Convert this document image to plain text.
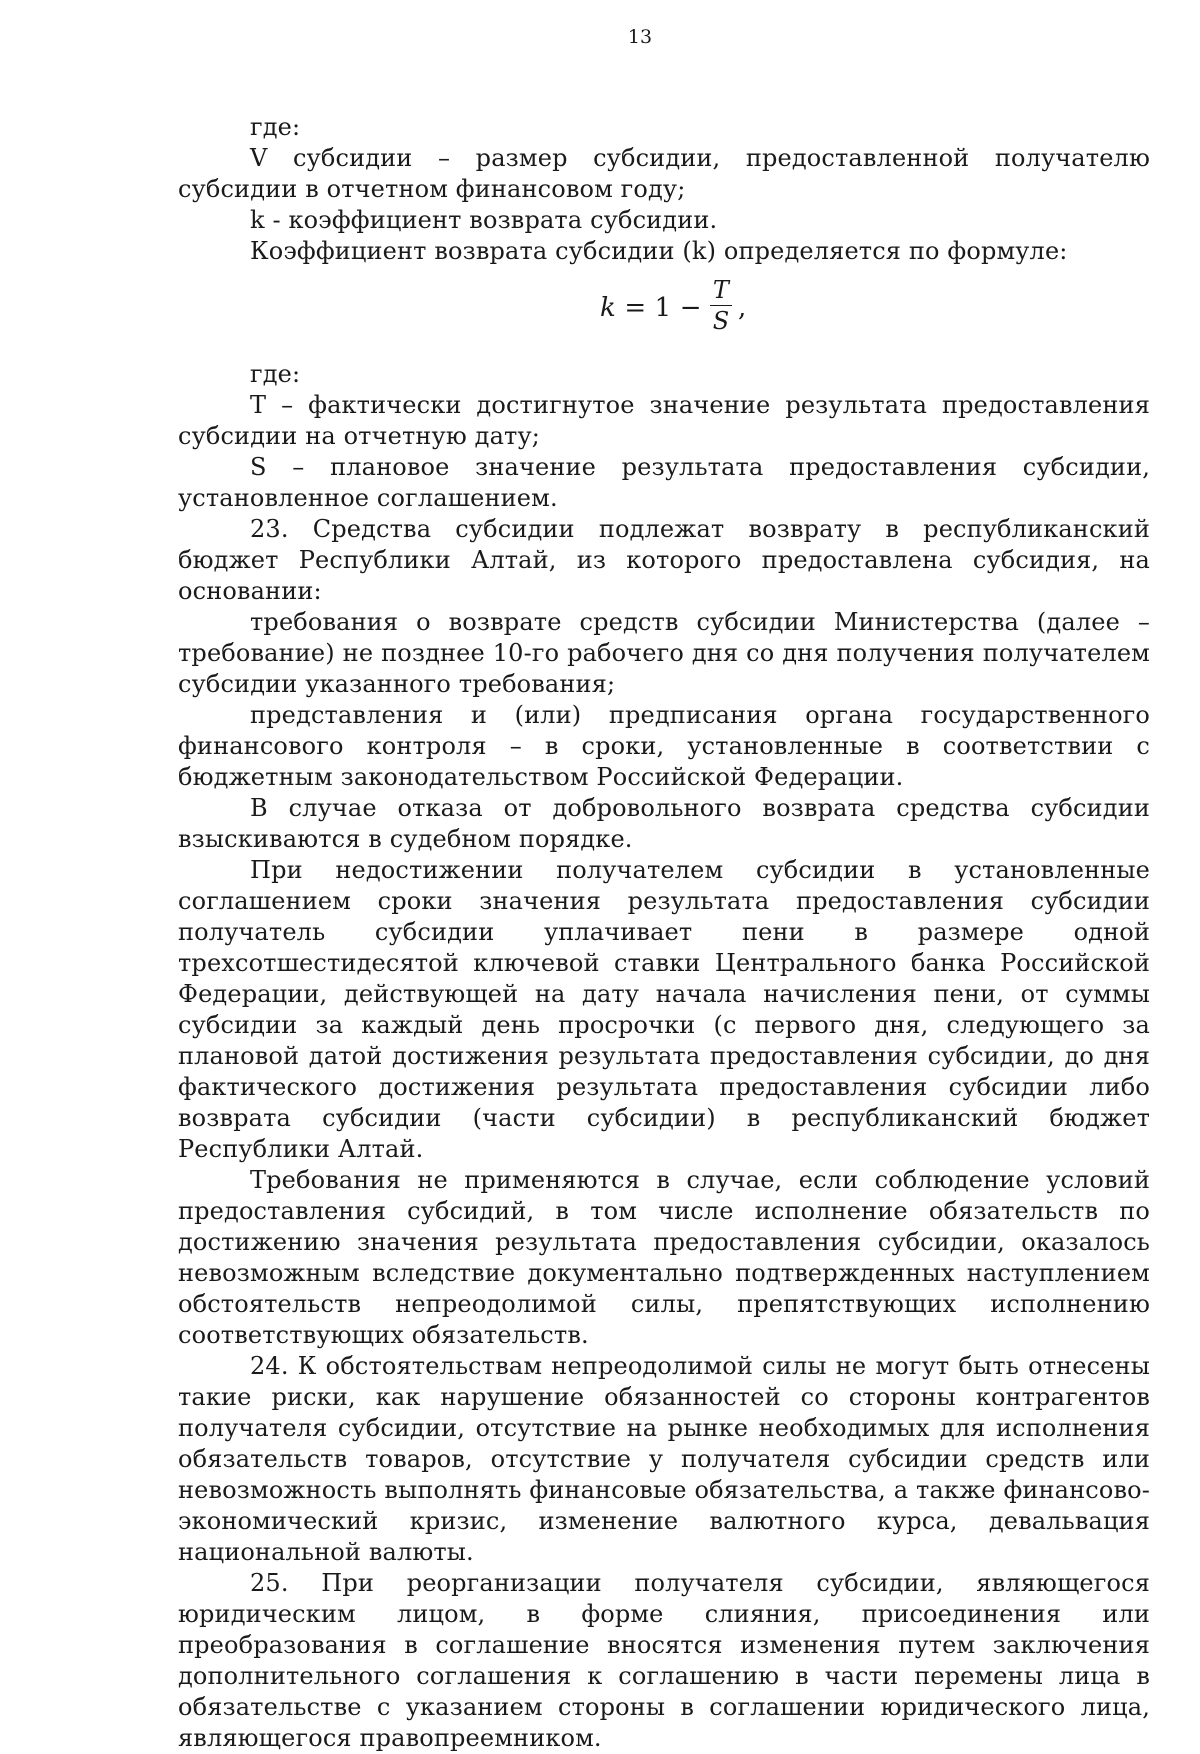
13

где:

V субсидии – размер субсидии, предоставленной получателю субсидии в отчетном финансовом году;

k - коэффициент возврата субсидии.

Коэффициент возврата субсидии (k) определяется по формуле:

k = 1 −
T
S ,

где:

T – фактически достигнутое значение результата предоставления субсидии на отчетную дату;

S – плановое значение результата предоставления субсидии, установленное соглашением.

23. Средства субсидии подлежат возврату в республиканский бюджет Республики Алтай, из которого предоставлена субсидия, на основании:

требования о возврате средств субсидии Министерства (далее – требование) не позднее 10-го рабочего дня со дня получения получателем субсидии указанного требования;

представления и (или) предписания органа государственного финансового контроля – в сроки, установленные в соответствии с бюджетным законодательством Российской Федерации.

В случае отказа от добровольного возврата средства субсидии взыскиваются в судебном порядке.

При недостижении получателем субсидии в установленные соглашением сроки значения результата предоставления субсидии получатель субсидии уплачивает пени в размере одной трехсотшестидесятой ключевой ставки Центрального банка Российской Федерации, действующей на дату начала начисления пени, от суммы субсидии за каждый день просрочки (с первого дня, следующего за плановой датой достижения результата предоставления субсидии, до дня фактического достижения результата предоставления субсидии либо возврата субсидии (части субсидии) в республиканский бюджет Республики Алтай.

Требования не применяются в случае, если соблюдение условий предоставления субсидий, в том числе исполнение обязательств по достижению значения результата предоставления субсидии, оказалось невозможным вследствие документально подтвержденных наступлением обстоятельств непреодолимой силы, препятствующих исполнению соответствующих обязательств.

24. К обстоятельствам непреодолимой силы не могут быть отнесены такие риски, как нарушение обязанностей со стороны контрагентов получателя субсидии, отсутствие на рынке необходимых для исполнения обязательств товаров, отсутствие у получателя субсидии средств или невозможность выполнять финансовые обязательства, а также финансово-экономический кризис, изменение валютного курса, девальвация национальной валюты.

25. При реорганизации получателя субсидии, являющегося юридическим лицом, в форме слияния, присоединения или преобразования в соглашение вносятся изменения путем заключения дополнительного соглашения к соглашению в части перемены лица в обязательстве с указанием стороны в соглашении юридического лица, являющегося правопреемником.
